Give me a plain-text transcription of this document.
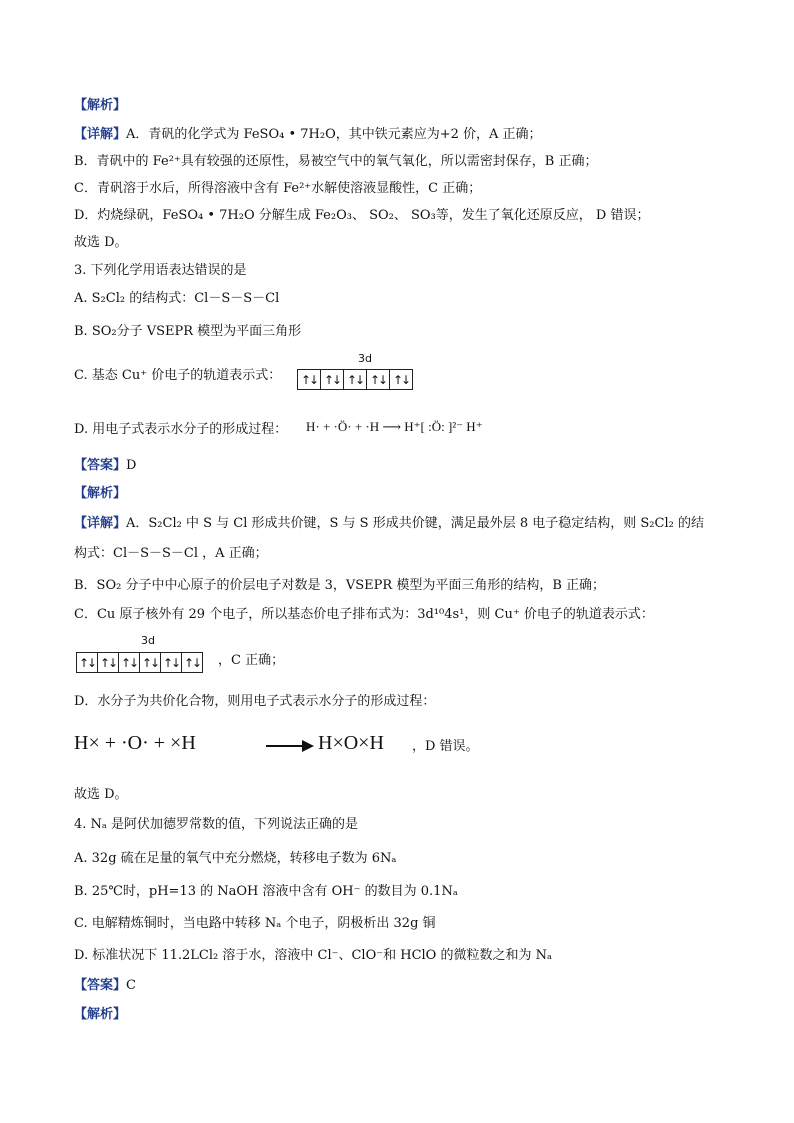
【解析】
【详解】A．青矾的化学式为 FeSO₄ • 7H₂O，其中铁元素应为+2 价，A 正确；
B．青矾中的 Fe²⁺具有较强的还原性，易被空气中的氧气氧化，所以需密封保存，B 正确；
C．青矾溶于水后，所得溶液中含有 Fe²⁺水解使溶液显酸性，C 正确；
D．灼烧绿矾，FeSO₄ • 7H₂O 分解生成 Fe₂O₃、 SO₂、 SO₃等，发生了氧化还原反应， D 错误；
故选 D。
3. 下列化学用语表达错误的是
A. S₂Cl₂ 的结构式：Cl－S－S－Cl
B. SO₂分子 VSEPR 模型为平面三角形
3d
C. 基态 Cu⁺ 价电子的轨道表示式： ↑↓ ↑↓ ↑↓ ↑↓ ↑↓
D. 用电子式表示水分子的形成过程： H· + ·Ö· + ·H ⟶ H⁺[ :Ö: ]²⁻ H⁺
【答案】D
【解析】
【详解】A．S₂Cl₂ 中 S 与 Cl 形成共价键，S 与 S 形成共价键，满足最外层 8 电子稳定结构，则 S₂Cl₂ 的结
构式：Cl－S－S－Cl ，A 正确；
B．SO₂ 分子中中心原子的价层电子对数是 3，VSEPR 模型为平面三角形的结构，B 正确；
C．Cu 原子核外有 29 个电子，所以基态价电子排布式为：3d¹⁰4s¹，则 Cu⁺ 价电子的轨道表示式：
3d
↑↓ ↑↓ ↑↓ ↑↓ ↑↓ ↑↓ ，C 正确；
D．水分子为共价化合物，则用电子式表示水分子的形成过程：
H× + ·O· + ×H	→ H×O×H ，D 错误。
故选 D。
4. Nₐ 是阿伏加德罗常数的值，下列说法正确的是
A. 32g 硫在足量的氧气中充分燃烧，转移电子数为 6Nₐ
B. 25℃时，pH=13 的 NaOH 溶液中含有 OH⁻ 的数目为 0.1Nₐ
C. 电解精炼铜时，当电路中转移 Nₐ 个电子，阴极析出 32g 铜
D. 标准状况下 11.2LCl₂ 溶于水，溶液中 Cl⁻、ClO⁻和 HClO 的微粒数之和为 Nₐ
【答案】C
【解析】
